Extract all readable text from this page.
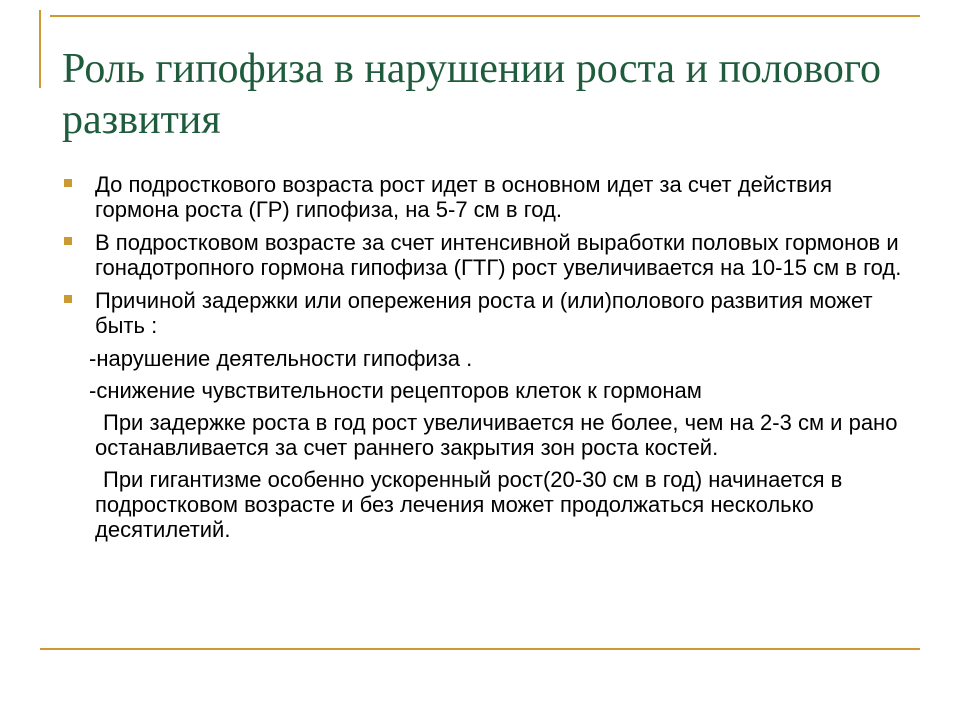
Роль гипофиза в нарушении роста и полового развития
До подросткового возраста рост идет в основном идет за счет действия гормона роста (ГР) гипофиза, на 5-7 см в год.
В подростковом возрасте за счет интенсивной выработки половых гормонов и гонадотропного гормона гипофиза (ГТГ) рост увеличивается на 10-15 см в год.
Причиной задержки или опережения роста и (или)полового развития может быть :
-нарушение деятельности гипофиза .
-снижение чувствительности рецепторов клеток к гормонам
При задержке роста в год рост увеличивается не более, чем на 2-3 см и рано останавливается за счет раннего закрытия зон роста костей.
При гигантизме особенно ускоренный рост(20-30 см в год) начинается в подростковом возрасте и без лечения может продолжаться несколько десятилетий.
